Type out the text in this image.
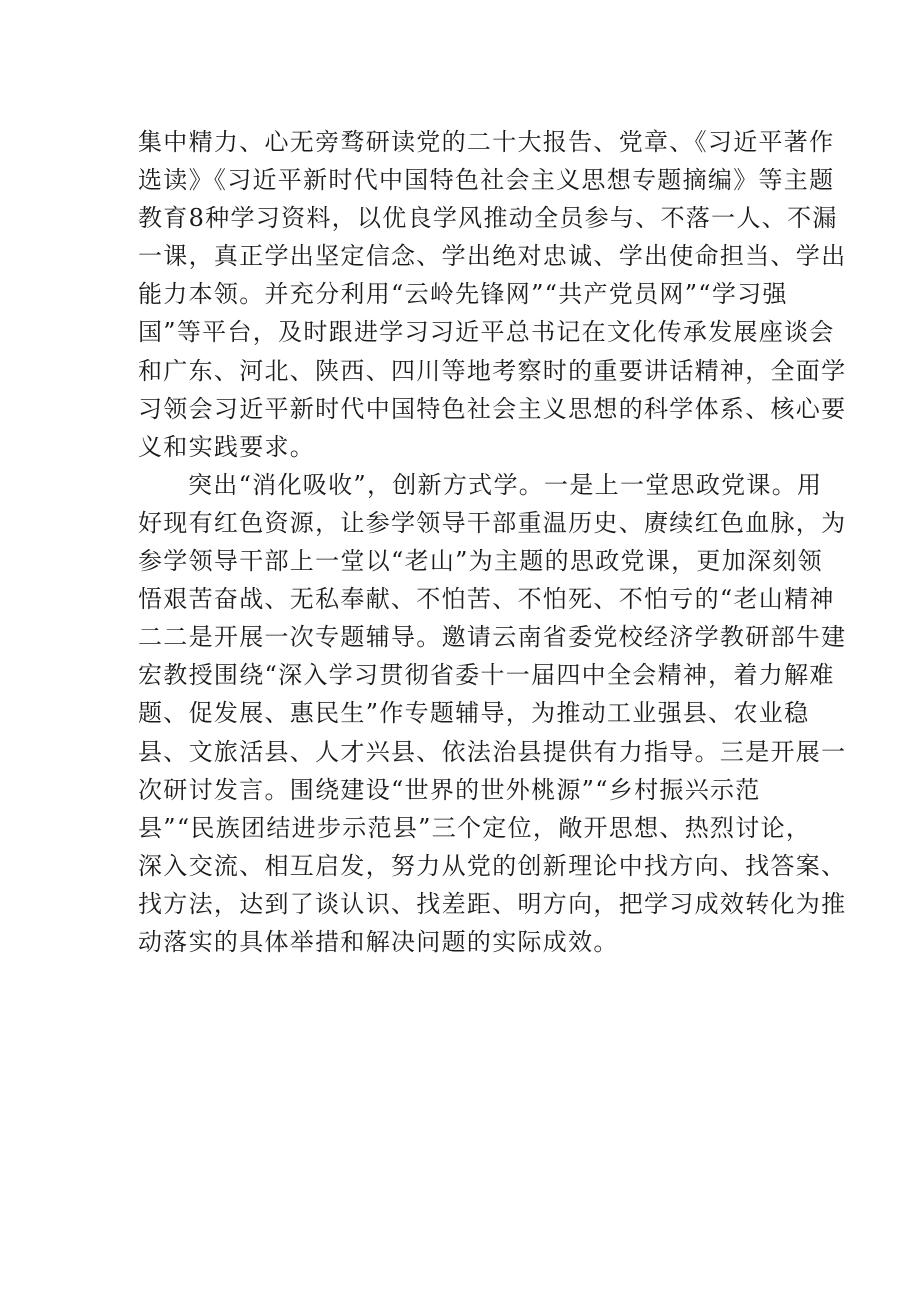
集中精力、心无旁骛研读党的二十大报告、党章、《习近平著作
选读》《习近平新时代中国特色社会主义思想专题摘编》等主题
教育8种学习资料，以优良学风推动全员参与、不落一人、不漏
一课，真正学出坚定信念、学出绝对忠诚、学出使命担当、学出
能力本领。并充分利用“云岭先锋网”“共产党员网”“学习强
国”等平台，及时跟进学习习近平总书记在文化传承发展座谈会
和广东、河北、陕西、四川等地考察时的重要讲话精神，全面学
习领会习近平新时代中国特色社会主义思想的科学体系、核心要
义和实践要求。
突出“消化吸收”，创新方式学。一是上一堂思政党课。用
好现有红色资源，让参学领导干部重温历史、赓续红色血脉，为
参学领导干部上一堂以“老山”为主题的思政党课，更加深刻领
悟艰苦奋战、无私奉献、不怕苦、不怕死、不怕亏的“老山精神
二二是开展一次专题辅导。邀请云南省委党校经济学教研部牛建
宏教授围绕“深入学习贯彻省委十一届四中全会精神，着力解难
题、促发展、惠民生”作专题辅导，为推动工业强县、农业稳
县、文旅活县、人才兴县、依法治县提供有力指导。三是开展一
次研讨发言。围绕建设“世界的世外桃源”“乡村振兴示范
县”“民族团结进步示范县”三个定位，敞开思想、热烈讨论，
深入交流、相互启发，努力从党的创新理论中找方向、找答案、
找方法，达到了谈认识、找差距、明方向，把学习成效转化为推
动落实的具体举措和解决问题的实际成效。
